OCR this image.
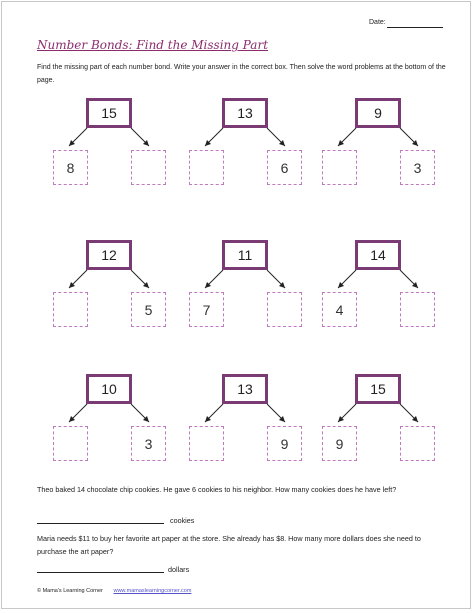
Date:
Number Bonds: Find the Missing Part
Find the missing part of each number bond. Write your answer in the correct box. Then solve the word problems at the bottom of the page.
15
8
13
6
9
3
12
5
11
7
14
4
10
3
13
9
15
9
Theo baked 14 chocolate chip cookies. He gave 6 cookies to his neighbor. How many cookies does he have left?
cookies
Maria needs $11 to buy her favorite art paper at the store. She already has $8. How many more dollars does she need to purchase the art paper?
dollars
© Mama's Learning Corner www.mamaslearningcorner.com
